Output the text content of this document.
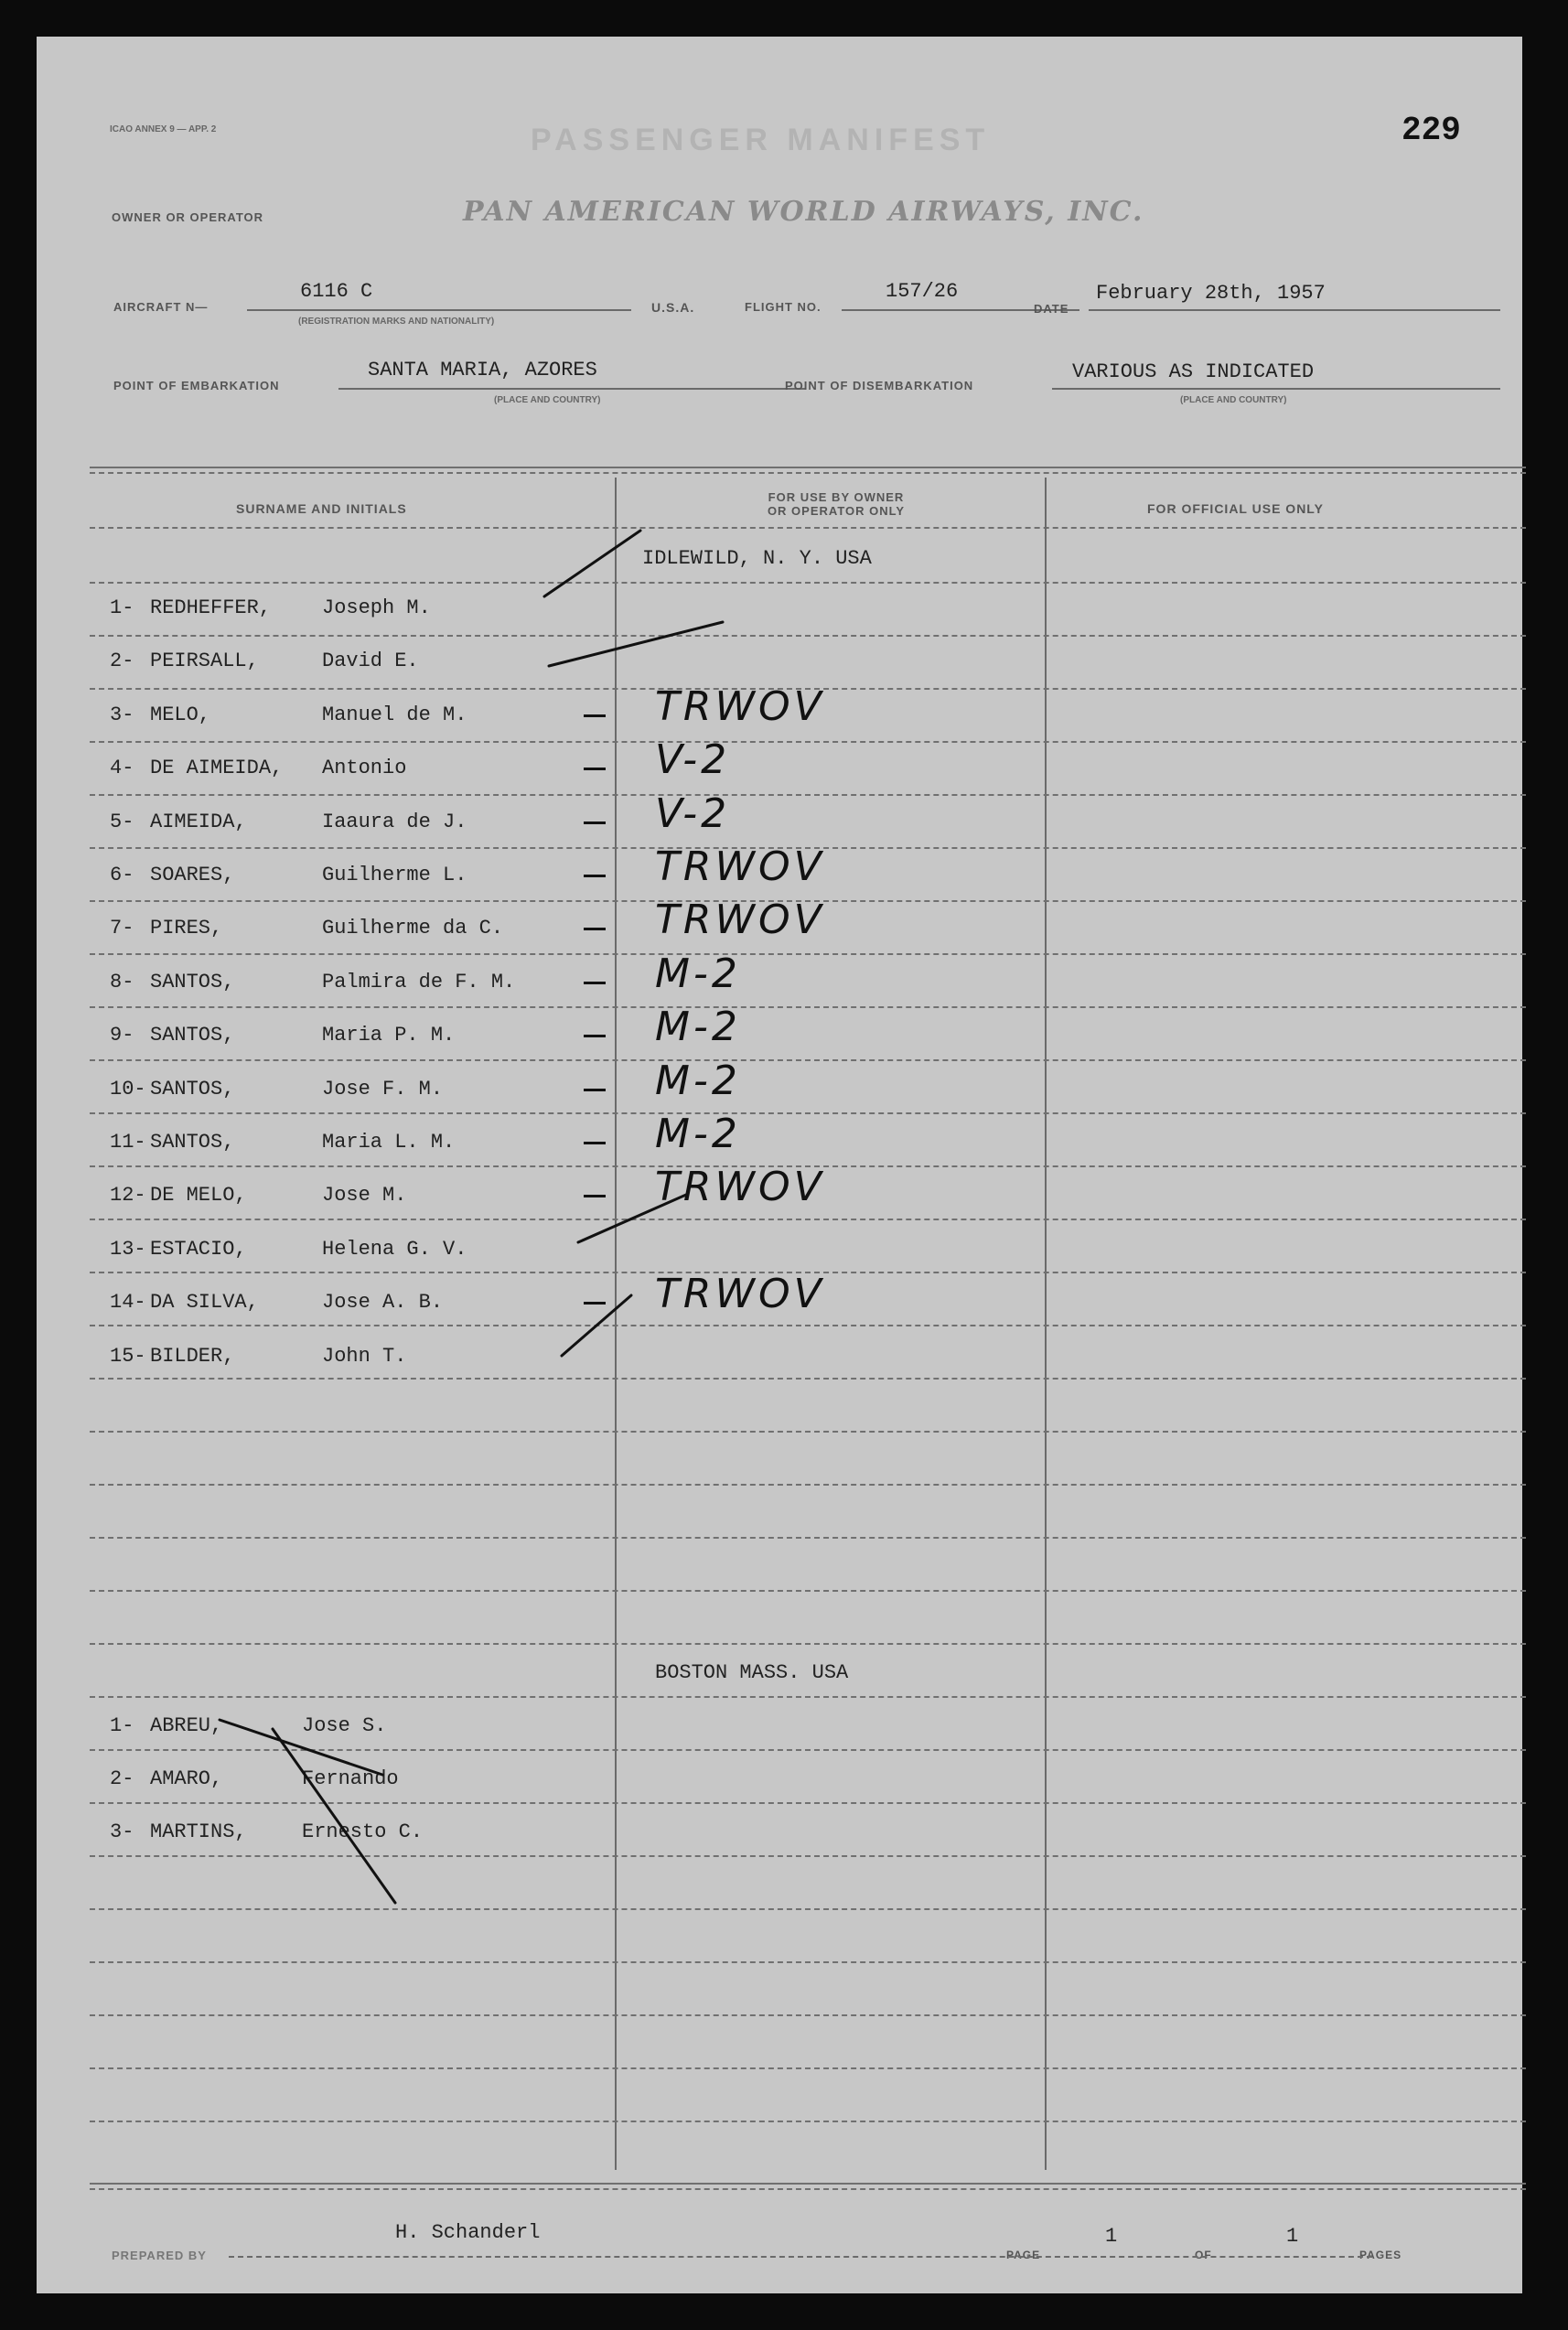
ICAO ANNEX 9 — APP. 2	PASSENGER MANIFEST	229
OWNER OR OPERATOR	PAN AMERICAN WORLD AIRWAYS, INC.
AIRCRAFT N—
6116 C
(REGISTRATION MARKS AND NATIONALITY)
U.S.A.	FLIGHT NO.
157/26
DATE
February 28th, 1957
POINT OF EMBARKATION
SANTA MARIA, AZORES
(PLACE AND COUNTRY)
POINT OF DISEMBARKATION
VARIOUS AS INDICATED
(PLACE AND COUNTRY)
SURNAME AND INITIALS
FOR USE BY OWNER
OR OPERATOR ONLY	FOR OFFICIAL USE ONLY
IDLEWILD, N. Y. USA
1- REDHEFFER,	Joseph M.
2- PEIRSALL,	David E.
3- MELO,	Manuel de M.	TRWOV
4- DE AIMEIDA, Antonio	V-2
5- AIMEIDA,	Iaaura de J.	V-2
6- SOARES,	Guilherme L.	TRWOV
7- PIRES,	Guilherme da C.	TRWOV
8- SANTOS,	Palmira de F. M.	M-2
9- SANTOS,	Maria P. M.	M-2
10- SANTOS,	Jose F. M.	M-2
11- SANTOS,	Maria L. M.	M-2
12- DE MELO,	Jose M.	TRWOV
13- ESTACIO,	Helena G. V.
14- DA SILVA,	Jose A. B.	TRWOV
15- BILDER,	John T.
BOSTON MASS. USA
1- ABREU,	Jose S.
2- AMARO,	Fernando
3- MARTINS,	Ernesto C.
PREPARED BY
H. Schanderl
PAGE
1
OF
1
PAGES
